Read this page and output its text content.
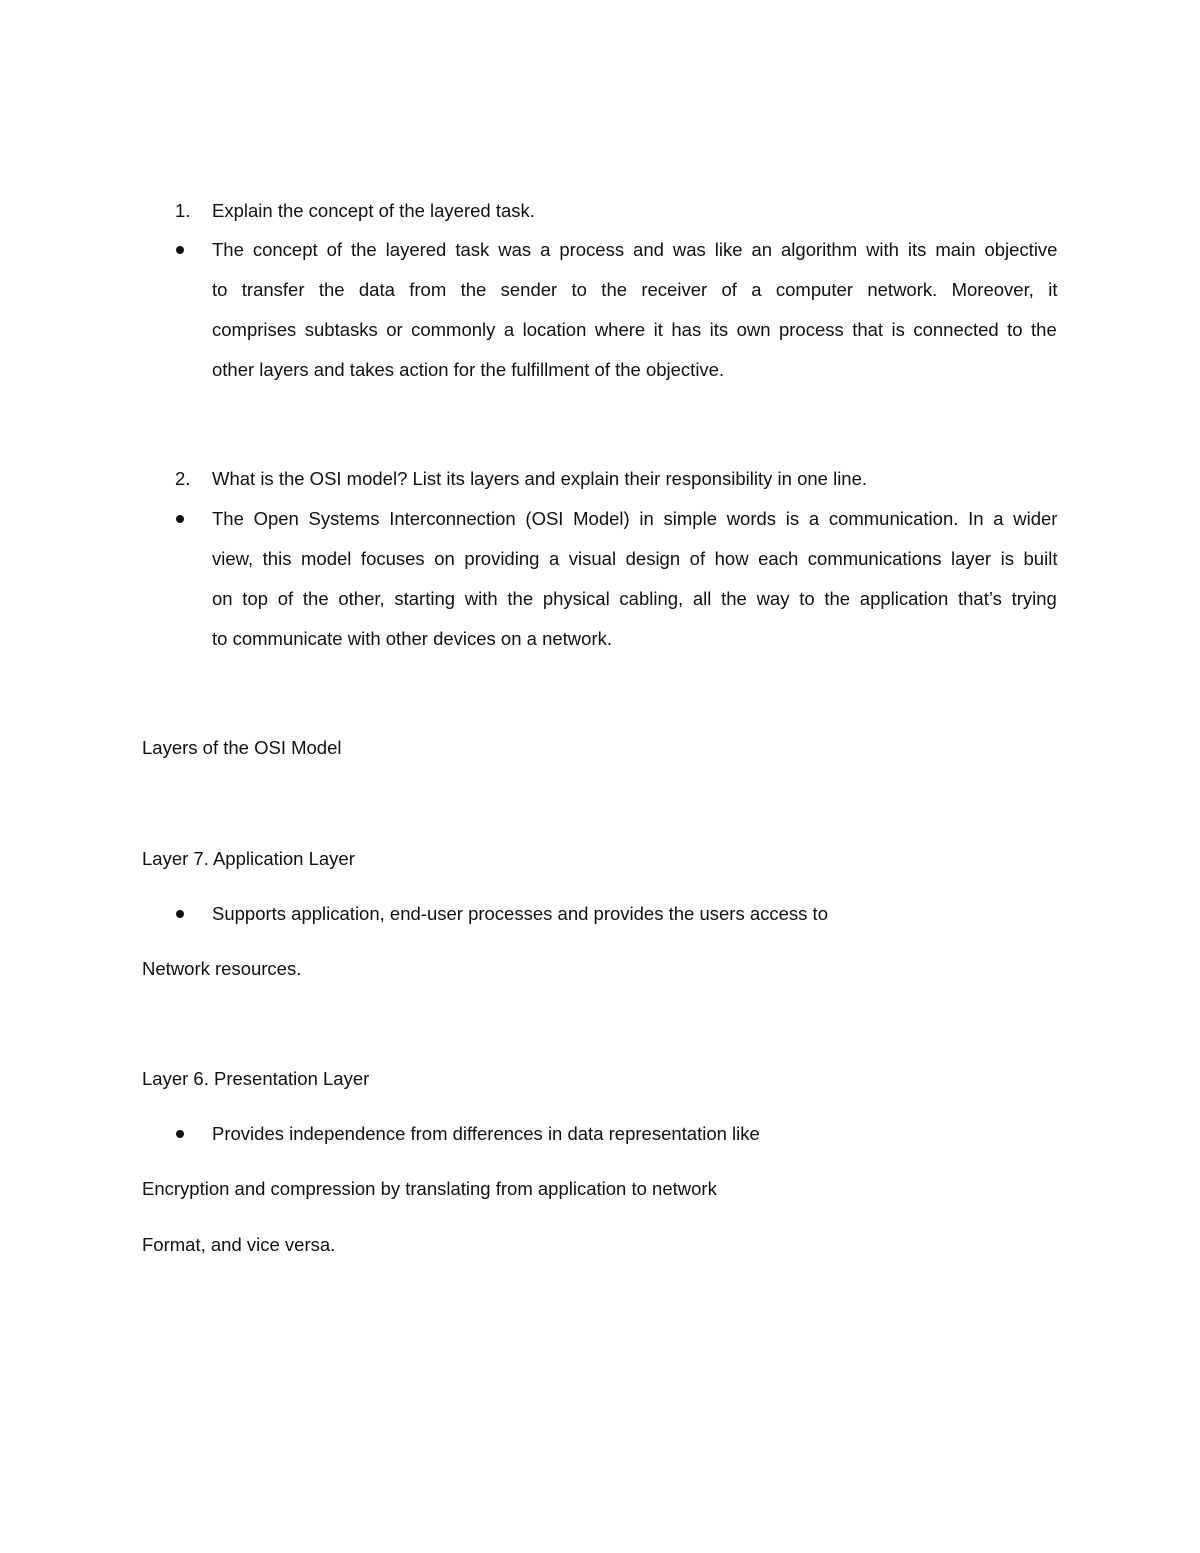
1. Explain the concept of the layered task.
The concept of the layered task was a process and was like an algorithm with its main objective
to transfer the data from the sender to the receiver of a computer network. Moreover, it
comprises subtasks or commonly a location where it has its own process that is connected to the
other layers and takes action for the fulfillment of the objective.
2. What is the OSI model? List its layers and explain their responsibility in one line.
The Open Systems Interconnection (OSI Model) in simple words is a communication. In a wider
view, this model focuses on providing a visual design of how each communications layer is built
on top of the other, starting with the physical cabling, all the way to the application that’s trying
to communicate with other devices on a network.
Layers of the OSI Model
Layer 7. Application Layer
Supports application, end-user processes and provides the users access to
Network resources.
Layer 6. Presentation Layer
Provides independence from differences in data representation like
Encryption and compression by translating from application to network
Format, and vice versa.
